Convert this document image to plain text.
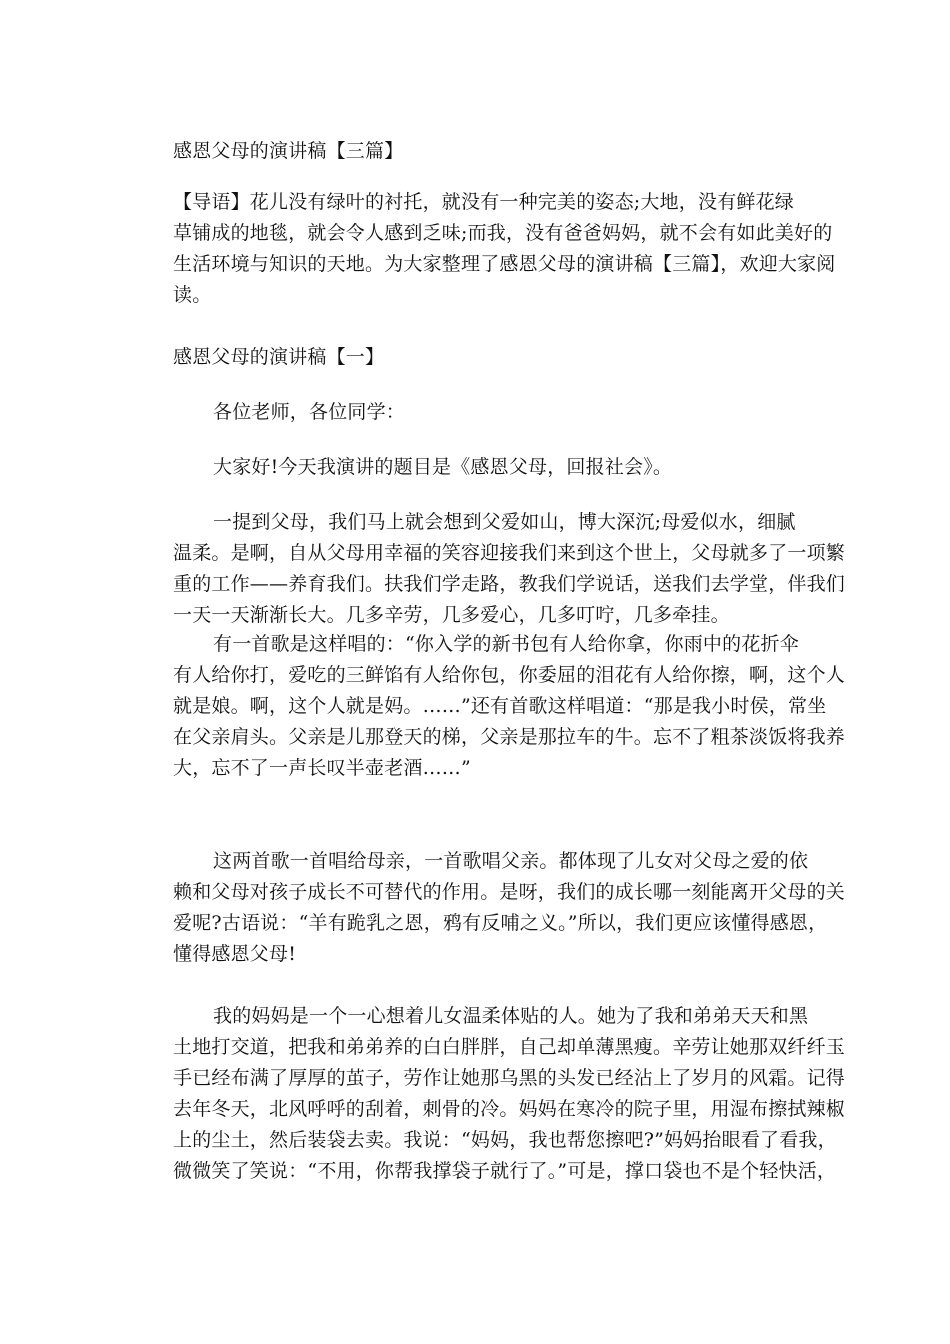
感恩父母的演讲稿【三篇】
【导语】花儿没有绿叶的衬托，就没有一种完美的姿态;大地，没有鲜花绿
草铺成的地毯，就会令人感到乏味;而我，没有爸爸妈妈，就不会有如此美好的
生活环境与知识的天地。为大家整理了感恩父母的演讲稿【三篇】，欢迎大家阅
读。
感恩父母的演讲稿【一】
各位老师，各位同学：
大家好!今天我演讲的题目是《感恩父母，回报社会》。
一提到父母，我们马上就会想到父爱如山，博大深沉;母爱似水，细腻
温柔。是啊，自从父母用幸福的笑容迎接我们来到这个世上，父母就多了一项繁
重的工作——养育我们。扶我们学走路，教我们学说话，送我们去学堂，伴我们
一天一天渐渐长大。几多辛劳，几多爱心，几多叮咛，几多牵挂。
有一首歌是这样唱的：“你入学的新书包有人给你拿，你雨中的花折伞
有人给你打，爱吃的三鲜馅有人给你包，你委屈的泪花有人给你擦，啊，这个人
就是娘。啊，这个人就是妈。……”还有首歌这样唱道：“那是我小时侯，常坐
在父亲肩头。父亲是儿那登天的梯，父亲是那拉车的牛。忘不了粗茶淡饭将我养
大，忘不了一声长叹半壶老酒……”
这两首歌一首唱给母亲，一首歌唱父亲。都体现了儿女对父母之爱的依
赖和父母对孩子成长不可替代的作用。是呀，我们的成长哪一刻能离开父母的关
爱呢?古语说：“羊有跪乳之恩，鸦有反哺之义。”所以，我们更应该懂得感恩，
懂得感恩父母!
我的妈妈是一个一心想着儿女温柔体贴的人。她为了我和弟弟天天和黑
土地打交道，把我和弟弟养的白白胖胖，自己却单薄黑瘦。辛劳让她那双纤纤玉
手已经布满了厚厚的茧子，劳作让她那乌黑的头发已经沾上了岁月的风霜。记得
去年冬天，北风呼呼的刮着，刺骨的冷。妈妈在寒冷的院子里，用湿布擦拭辣椒
上的尘土，然后装袋去卖。我说：“妈妈，我也帮您擦吧?”妈妈抬眼看了看我，
微微笑了笑说：“不用，你帮我撑袋子就行了。”可是，撑口袋也不是个轻快活，
